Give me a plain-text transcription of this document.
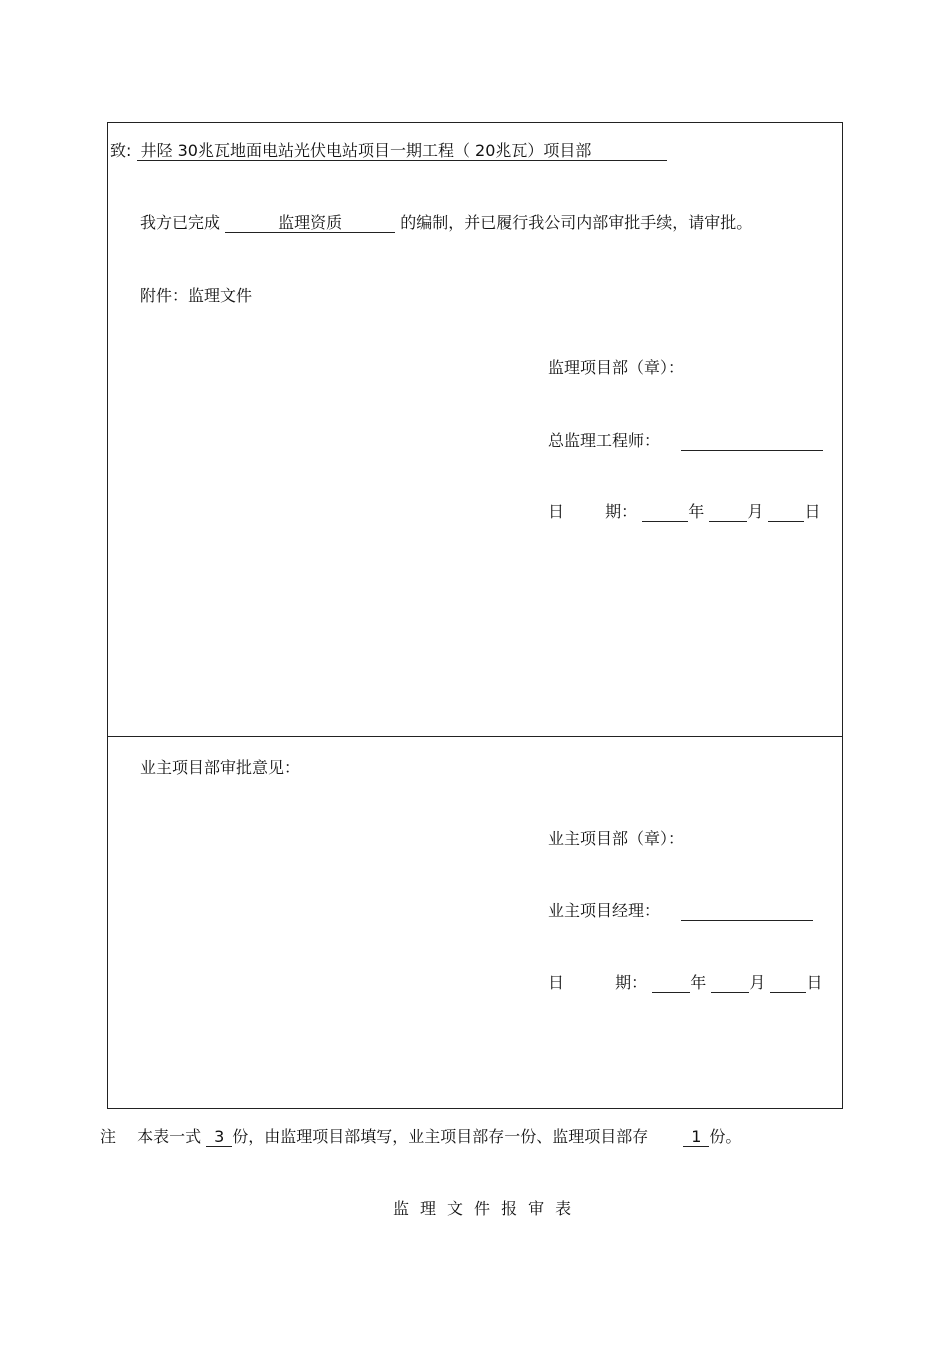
致: 井陉 30兆瓦地面电站光伏电站项目一期工程（ 20兆瓦）项目部
我方已完成	监理资质	的编制，并已履行我公司内部审批手续，请审批。
附件：监理文件
监理项目部（章）：
总监理工程师：
日	期：	年	月	日
业主项目部审批意见：
业主项目部（章）：
业主项目经理：
日	期：	年	月	日
注 本表一式 3 份，由监理项目部填写，业主项目部存一份、监理项目部存	1 份。
监 理 文 件 报 审 表
